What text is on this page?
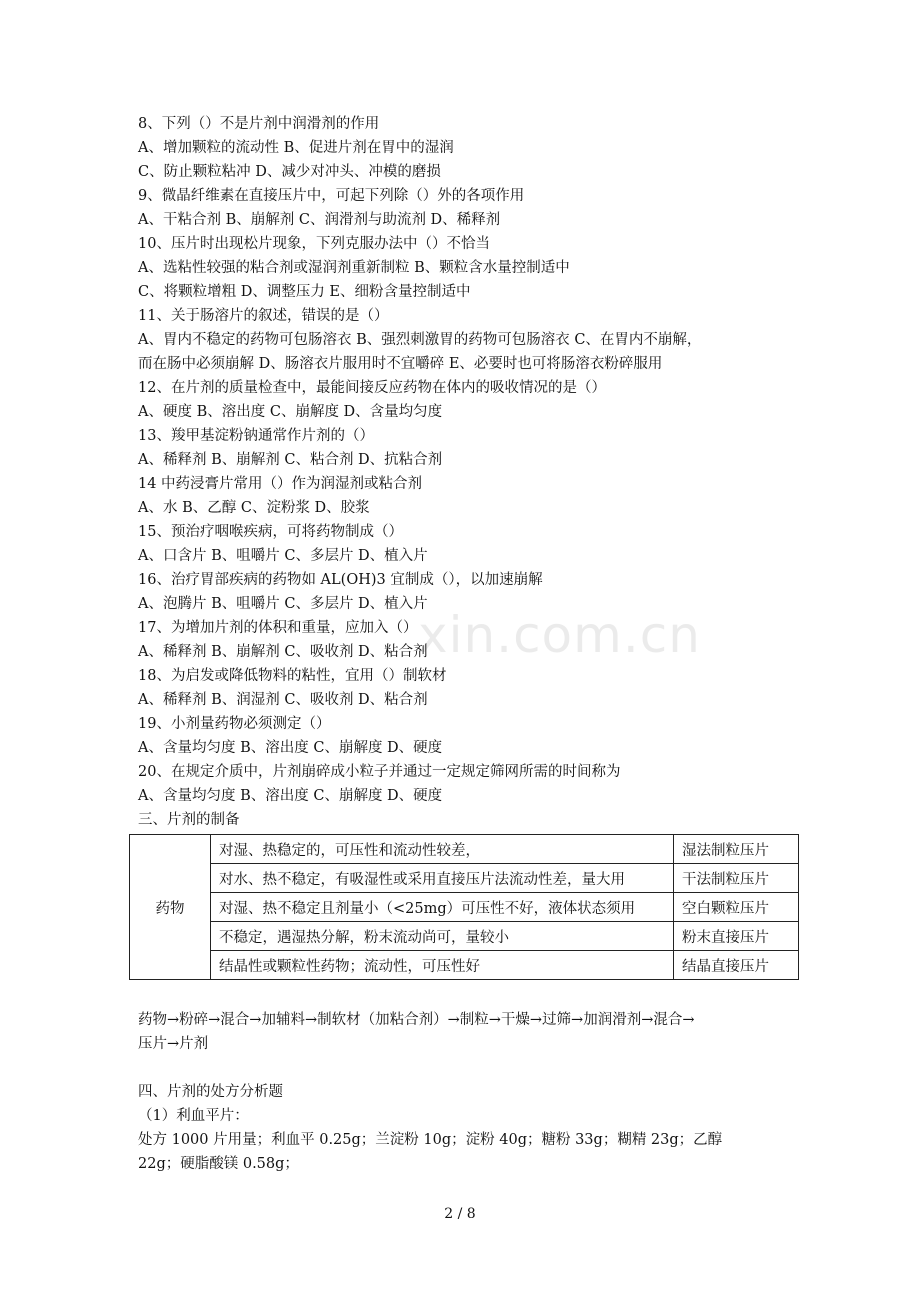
8、下列（）不是片剂中润滑剂的作用
A、增加颗粒的流动性 B、促进片剂在胃中的湿润
C、防止颗粒粘冲 D、减少对冲头、冲模的磨损
9、微晶纤维素在直接压片中，可起下列除（）外的各项作用
A、干粘合剂 B、崩解剂 C、润滑剂与助流剂 D、稀释剂
10、压片时出现松片现象，下列克服办法中（）不恰当
A、选粘性较强的粘合剂或湿润剂重新制粒 B、颗粒含水量控制适中
C、将颗粒增粗 D、调整压力 E、细粉含量控制适中
11、关于肠溶片的叙述，错误的是（）
A、胃内不稳定的药物可包肠溶衣 B、强烈刺激胃的药物可包肠溶衣 C、在胃内不崩解，
而在肠中必须崩解 D、肠溶衣片服用时不宜嚼碎 E、必要时也可将肠溶衣粉碎服用
12、在片剂的质量检查中，最能间接反应药物在体内的吸收情况的是（）
A、硬度 B、溶出度 C、崩解度 D、含量均匀度
13、羧甲基淀粉钠通常作片剂的（）
A、稀释剂 B、崩解剂 C、粘合剂 D、抗粘合剂
14 中药浸膏片常用（）作为润湿剂或粘合剂
A、水 B、乙醇 C、淀粉浆 D、胶浆
15、预治疗咽喉疾病，可将药物制成（）
A、口含片 B、咀嚼片 C、多层片 D、植入片
16、治疗胃部疾病的药物如 AL(OH)3 宜制成（），以加速崩解
A、泡腾片 B、咀嚼片 C、多层片 D、植入片
17、为增加片剂的体积和重量，应加入（）
A、稀释剂 B、崩解剂 C、吸收剂 D、粘合剂
18、为启发或降低物料的粘性，宜用（）制软材
A、稀释剂 B、润湿剂 C、吸收剂 D、粘合剂
19、小剂量药物必须测定（）
A、含量均匀度 B、溶出度 C、崩解度 D、硬度
20、在规定介质中，片剂崩碎成小粒子并通过一定规定筛网所需的时间称为
A、含量均匀度 B、溶出度 C、崩解度 D、硬度
三、片剂的制备
药物	对湿、热稳定的，可压性和流动性较差，	湿法制粒压片
	对水、热不稳定，有吸湿性或采用直接压片法流动性差，量大用	干法制粒压片
	对湿、热不稳定且剂量小（<25mg）可压性不好，液体状态须用	空白颗粒压片
	不稳定，遇湿热分解，粉末流动尚可，量较小	粉末直接压片
	结晶性或颗粒性药物；流动性，可压性好	结晶直接压片
药物→粉碎→混合→加辅料→制软材（加粘合剂）→制粒→干燥→过筛→加润滑剂→混合→
压片→片剂
四、片剂的处方分析题
（1）利血平片：
处方 1000 片用量；利血平 0.25g；兰淀粉 10g；淀粉 40g；糖粉 33g；糊精 23g；乙醇
22g；硬脂酸镁 0.58g；
xin.com.cn
2 / 8
